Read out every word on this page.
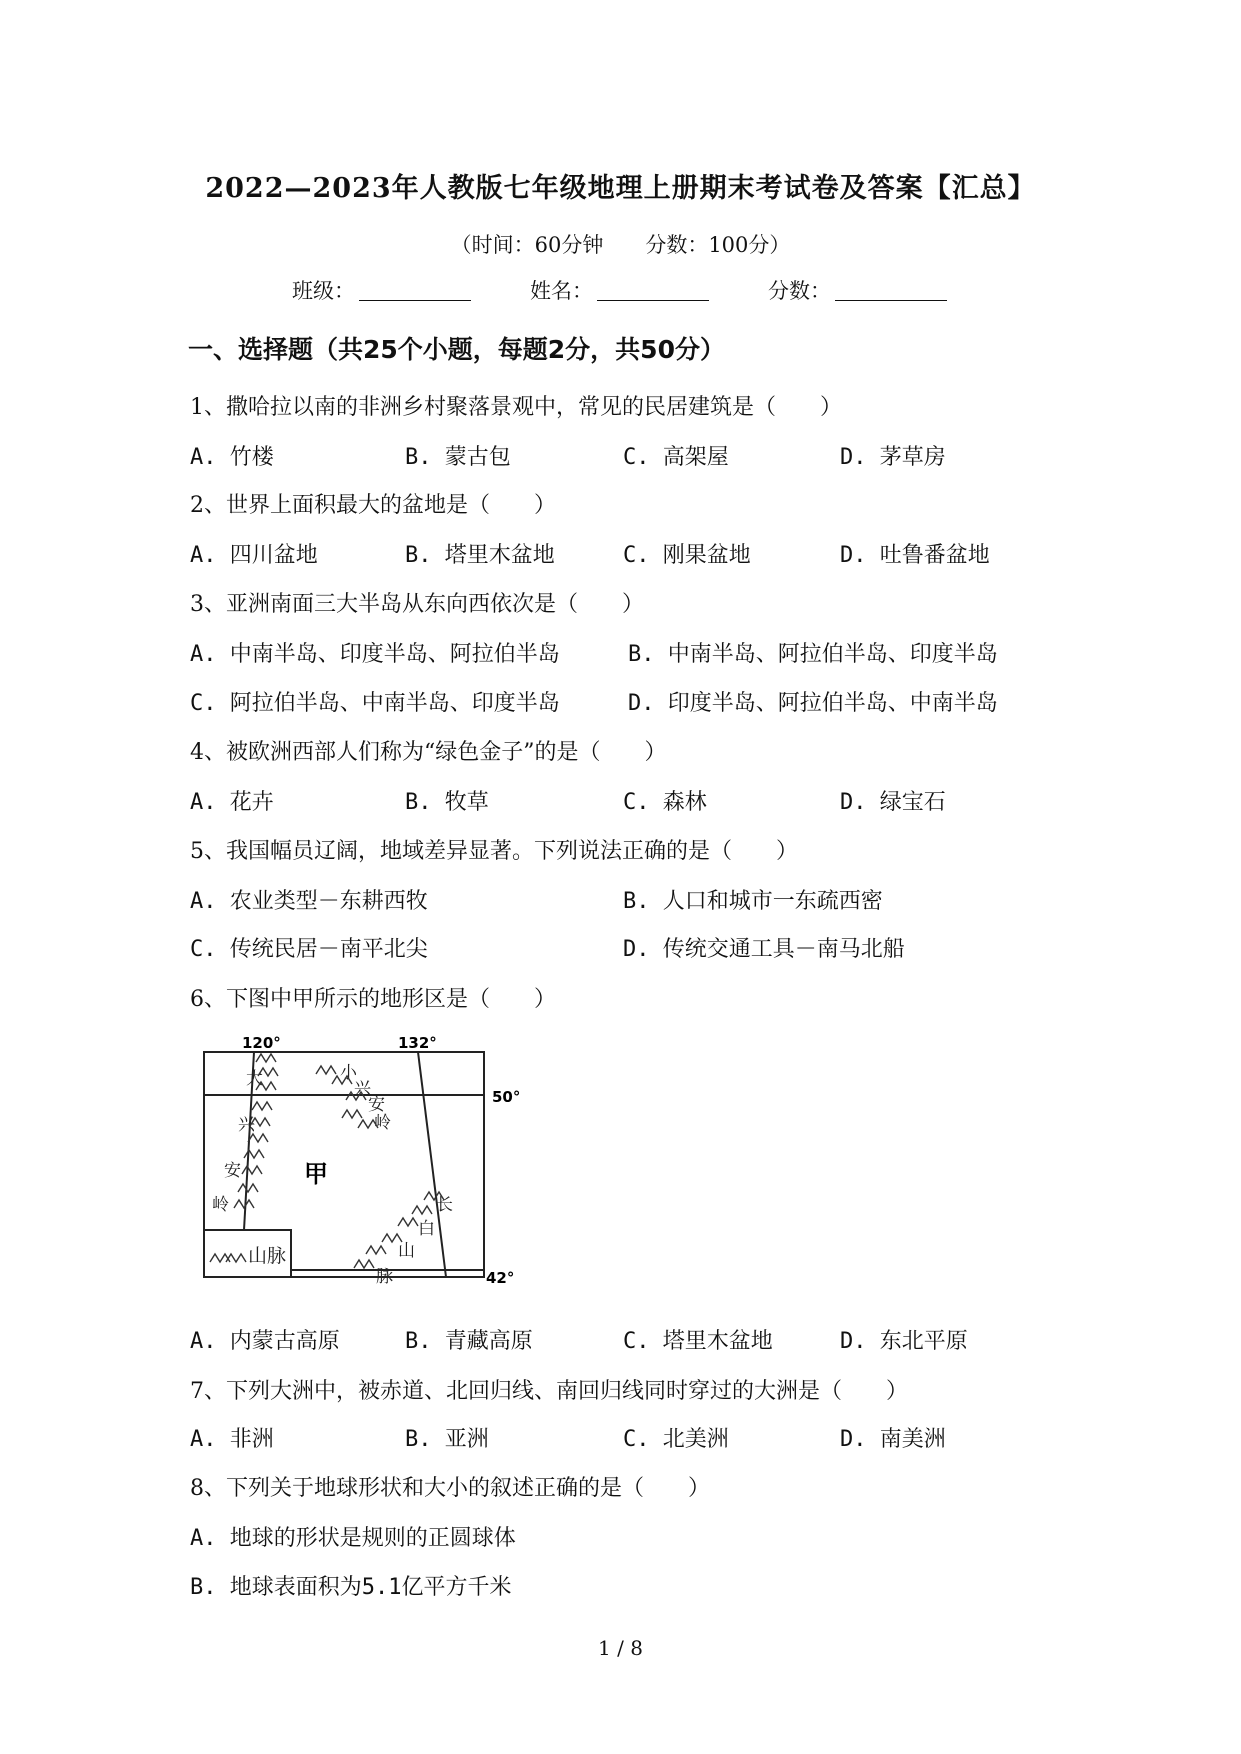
2022—2023年人教版七年级地理上册期末考试卷及答案【汇总】
（时间：60分钟　　分数：100分）
班级：	姓名：	分数：
一、选择题（共25个小题，每题2分，共50分）
1、撒哈拉以南的非洲乡村聚落景观中，常见的民居建筑是（　　）
A. 竹楼	B. 蒙古包	C. 高架屋	D. 茅草房
2、世界上面积最大的盆地是（　　）
A. 四川盆地	B. 塔里木盆地	C. 刚果盆地	D. 吐鲁番盆地
3、亚洲南面三大半岛从东向西依次是（　　）
A. 中南半岛、印度半岛、阿拉伯半岛	B. 中南半岛、阿拉伯半岛、印度半岛
C. 阿拉伯半岛、中南半岛、印度半岛	D. 印度半岛、阿拉伯半岛、中南半岛
4、被欧洲西部人们称为“绿色金子”的是（　　）
A. 花卉	B. 牧草	C. 森林	D. 绿宝石
5、我国幅员辽阔，地域差异显著。下列说法正确的是（　　）
A. 农业类型－东耕西牧	B. 人口和城市一东疏西密
C. 传统民居－南平北尖	D. 传统交通工具－南马北船
6、下图中甲所示的地形区是（　　）
120°	132°
50°
42°
甲
大
兴
安
岭
小
兴
安
岭
长
白
山
脉
山脉
A. 内蒙古高原	B. 青藏高原	C. 塔里木盆地	D. 东北平原
7、下列大洲中，被赤道、北回归线、南回归线同时穿过的大洲是（　　）
A. 非洲	B. 亚洲	C. 北美洲	D. 南美洲
8、下列关于地球形状和大小的叙述正确的是（　　）
A. 地球的形状是规则的正圆球体
B. 地球表面积为5.1亿平方千米
1 / 8
